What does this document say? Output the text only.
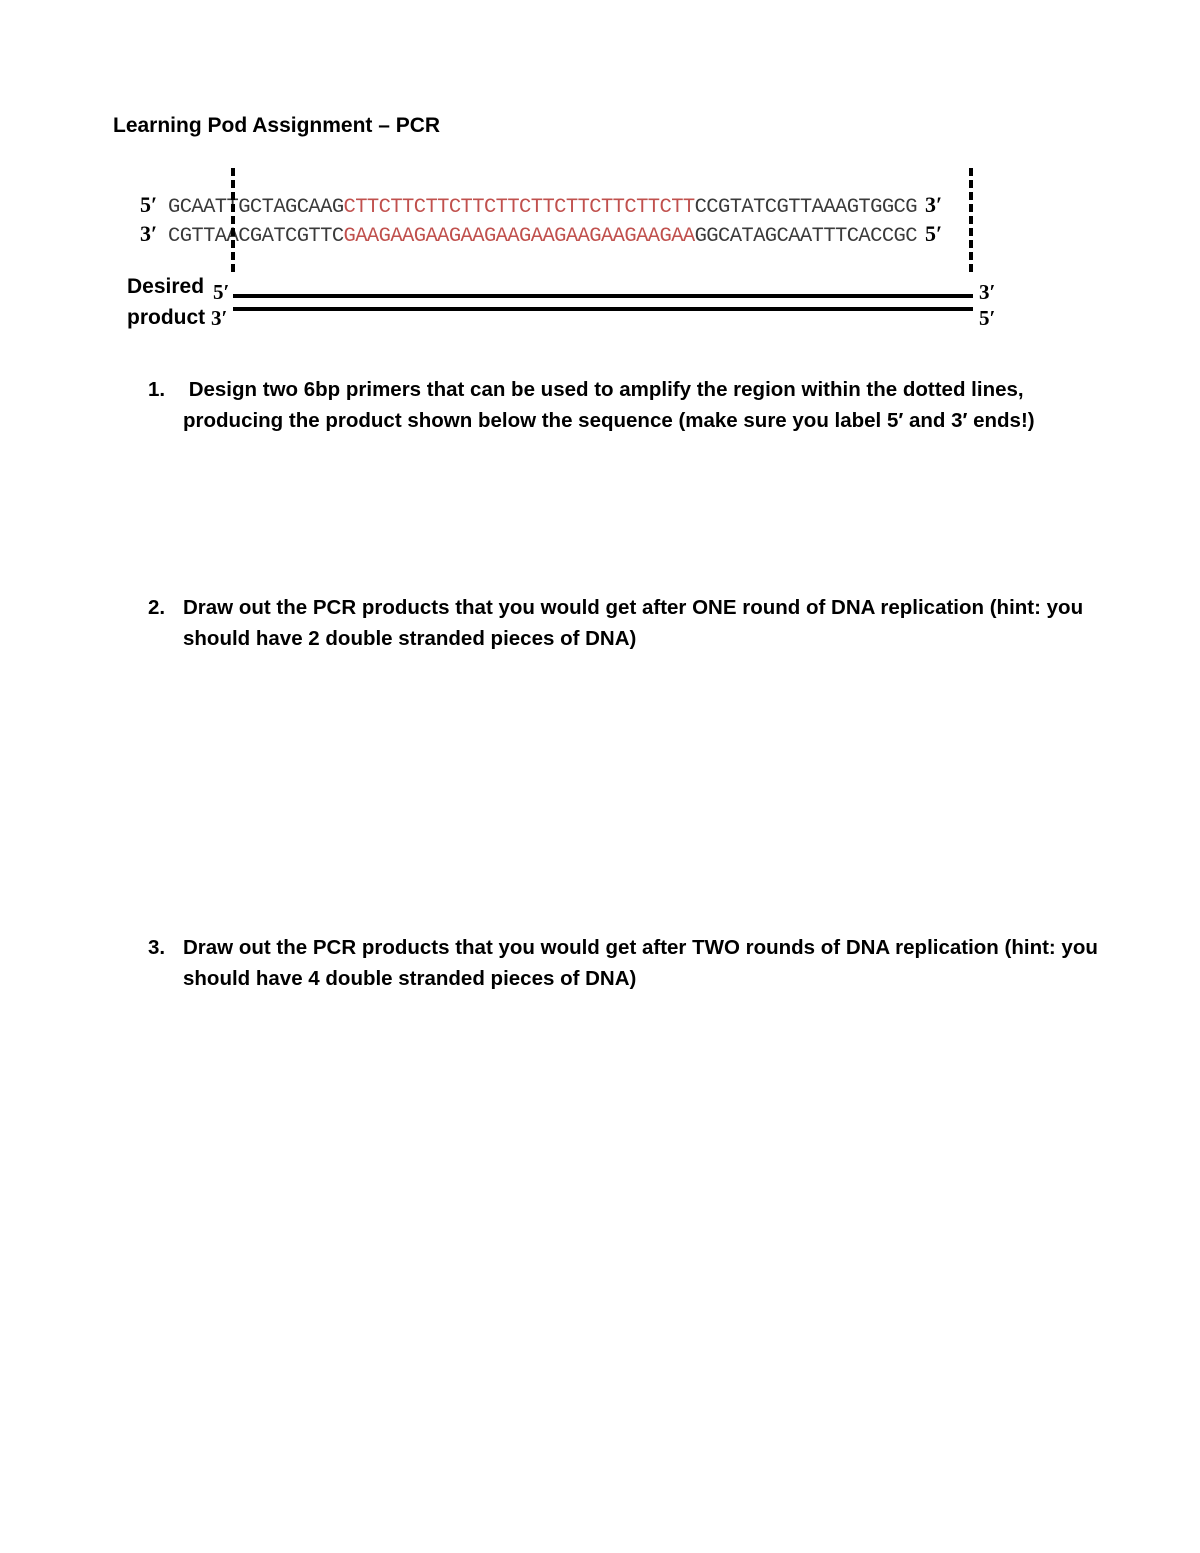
Learning Pod Assignment – PCR
5′ GCAATTGCTAGCAAGCTTCTTCTTCTTCTTCTTCTTCTTCTTCTTCCGTATCGTTAAAGTGGCG 3′
3′ CGTTAACGATCGTTCGAAGAAGAAGAAGAAGAAGAAGAAGAAGAAGGCATAGCAATTTCACCGC 5′
Desired
product
5′
3′
3′
5′
1. Design two 6bp primers that can be used to amplify the region within the dotted lines,
producing the product shown below the sequence (make sure you label 5′ and 3′ ends!)
2. Draw out the PCR products that you would get after ONE round of DNA replication (hint: you
should have 2 double stranded pieces of DNA)
3. Draw out the PCR products that you would get after TWO rounds of DNA replication (hint: you
should have 4 double stranded pieces of DNA)
